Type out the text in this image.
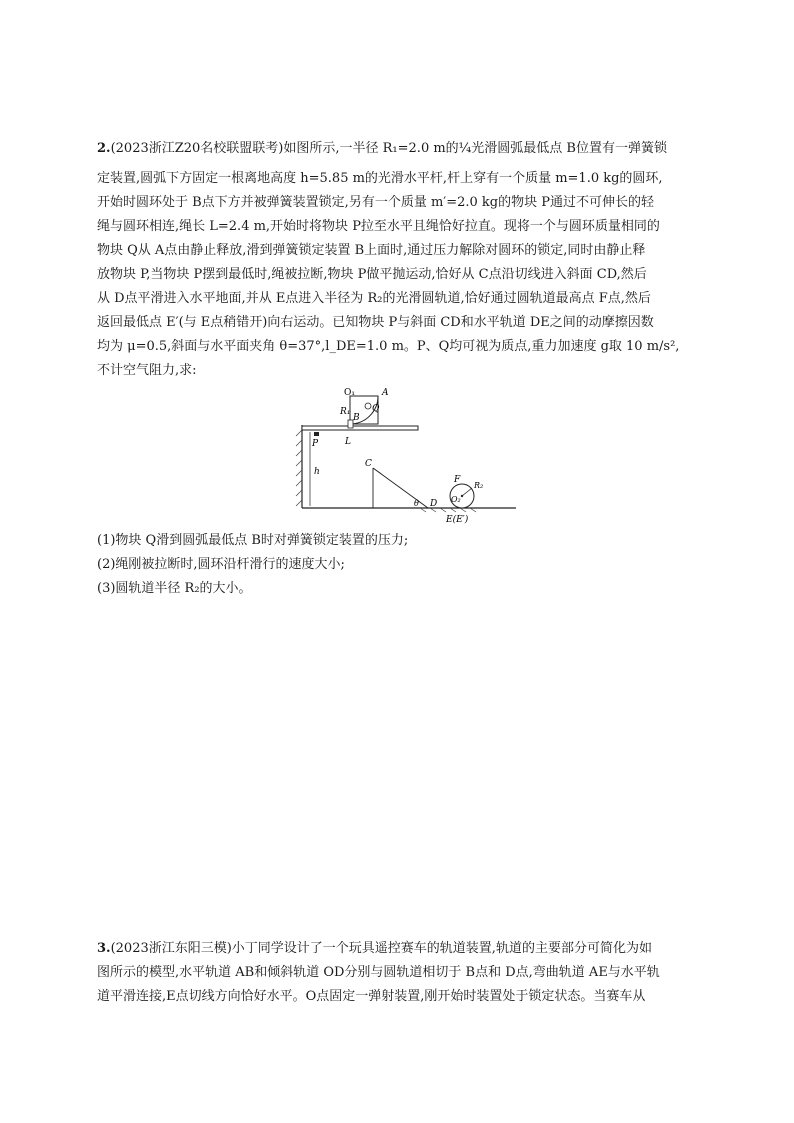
2.(2023浙江Z20名校联盟联考)如图所示,一半径 R₁=2.0 m的¼光滑圆弧最低点 B位置有一弹簧锁
定装置,圆弧下方固定一根离地高度 h=5.85 m的光滑水平杆,杆上穿有一个质量 m=1.0 kg的圆环,
开始时圆环处于 B点下方并被弹簧装置锁定,另有一个质量 m′=2.0 kg的物块 P通过不可伸长的轻
绳与圆环相连,绳长 L=2.4 m,开始时将物块 P拉至水平且绳恰好拉直。现将一个与圆环质量相同的
物块 Q从 A点由静止释放,滑到弹簧锁定装置 B上面时,通过压力解除对圆环的锁定,同时由静止释
放物块 P,当物块 P摆到最低时,绳被拉断,物块 P做平抛运动,恰好从 C点沿切线进入斜面 CD,然后
从 D点平滑进入水平地面,并从 E点进入半径为 R₂的光滑圆轨道,恰好通过圆轨道最高点 F点,然后
返回最低点 E′(与 E点稍错开)向右运动。已知物块 P与斜面 CD和水平轨道 DE之间的动摩擦因数
均为 μ=0.5,斜面与水平面夹角 θ=37°,l_DE=1.0 m。P、Q均可视为质点,重力加速度 g取 10 m/s²,
不计空气阻力,求:
O₁	A
R₁
B
Q
P	L
h
C
θ D
F
O₂
R₂
E(E′)
(1)物块 Q滑到圆弧最低点 B时对弹簧锁定装置的压力;
(2)绳刚被拉断时,圆环沿杆滑行的速度大小;
(3)圆轨道半径 R₂的大小。
3.(2023浙江东阳三模)小丁同学设计了一个玩具遥控赛车的轨道装置,轨道的主要部分可简化为如
图所示的模型,水平轨道 AB和倾斜轨道 OD分别与圆轨道相切于 B点和 D点,弯曲轨道 AE与水平轨
道平滑连接,E点切线方向恰好水平。O点固定一弹射装置,刚开始时装置处于锁定状态。当赛车从
